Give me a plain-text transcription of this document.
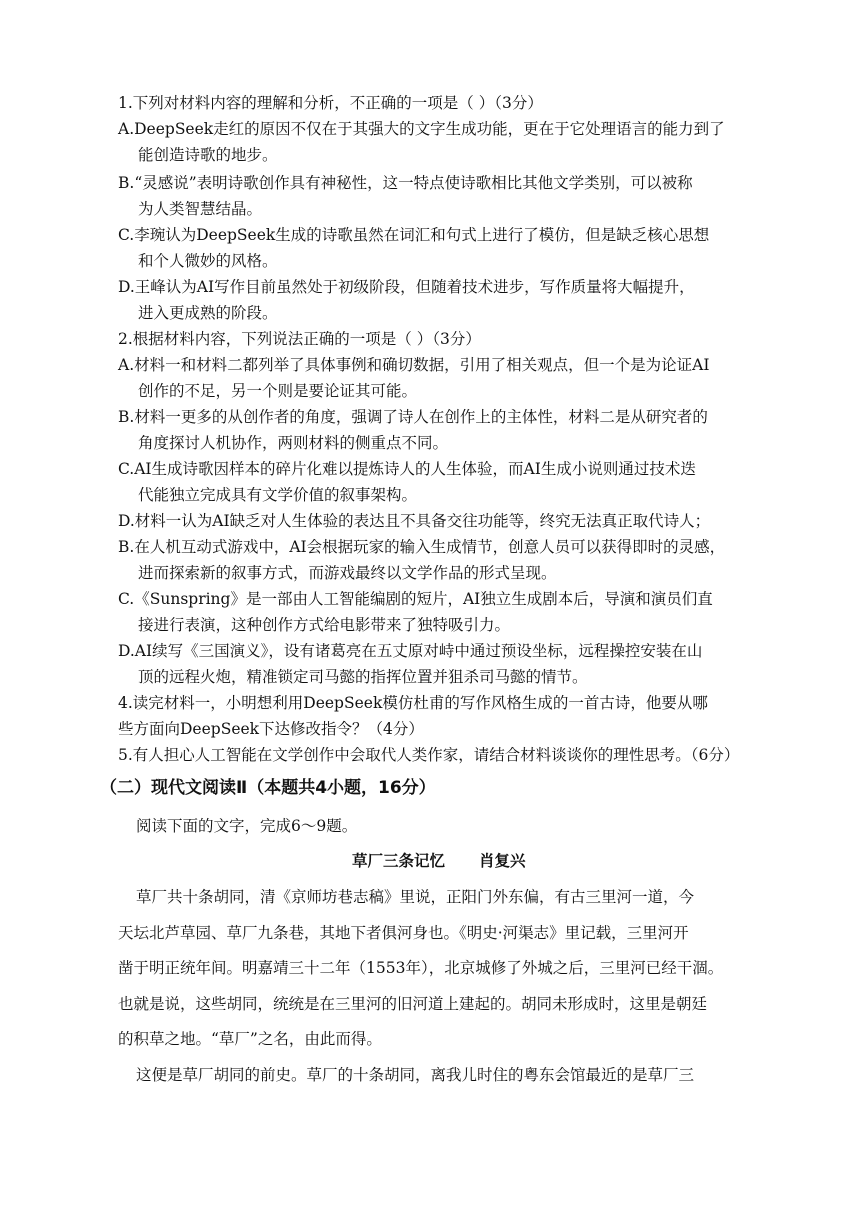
1.下列对材料内容的理解和分析，不正确的一项是（ ）（3分）
A.DeepSeek走红的原因不仅在于其强大的文字生成功能，更在于它处理语言的能力到了
能创造诗歌的地步。
B.“灵感说”表明诗歌创作具有神秘性，这一特点使诗歌相比其他文学类别，可以被称
为人类智慧结晶。
C.李琬认为DeepSeek生成的诗歌虽然在词汇和句式上进行了模仿，但是缺乏核心思想
和个人微妙的风格。
D.王峰认为AI写作目前虽然处于初级阶段，但随着技术进步，写作质量将大幅提升，
进入更成熟的阶段。
2.根据材料内容，下列说法正确的一项是（ ）（3分）
A.材料一和材料二都列举了具体事例和确切数据，引用了相关观点，但一个是为论证AI
创作的不足，另一个则是要论证其可能。
B.材料一更多的从创作者的角度，强调了诗人在创作上的主体性，材料二是从研究者的
角度探讨人机协作，两则材料的侧重点不同。
C.AI生成诗歌因样本的碎片化难以提炼诗人的人生体验，而AI生成小说则通过技术迭
代能独立完成具有文学价值的叙事架构。
D.材料一认为AI缺乏对人生体验的表达且不具备交往功能等，终究无法真正取代诗人；
B.在人机互动式游戏中，AI会根据玩家的输入生成情节，创意人员可以获得即时的灵感，
进而探索新的叙事方式，而游戏最终以文学作品的形式呈现。
C.《Sunspring》是一部由人工智能编剧的短片，AI独立生成剧本后，导演和演员们直
接进行表演，这种创作方式给电影带来了独特吸引力。
D.AI续写《三国演义》，设有诸葛亮在五丈原对峙中通过预设坐标，远程操控安装在山
顶的远程火炮，精准锁定司马懿的指挥位置并狙杀司马懿的情节。
4.读完材料一，小明想利用DeepSeek模仿杜甫的写作风格生成的一首古诗，他要从哪
些方面向DeepSeek下达修改指令？（4分）
5.有人担心人工智能在文学创作中会取代人类作家，请结合材料谈谈你的理性思考。（6分）
（二）现代文阅读Ⅱ（本题共4小题，16分）
阅读下面的文字，完成6～9题。
草厂三条记忆 肖复兴
草厂共十条胡同，清《京师坊巷志稿》里说，正阳门外东偏，有古三里河一道，今
天坛北芦草园、草厂九条巷，其地下者俱河身也。《明史·河渠志》里记载，三里河开
凿于明正统年间。明嘉靖三十二年（1553年），北京城修了外城之后，三里河已经干涸。
也就是说，这些胡同，统统是在三里河的旧河道上建起的。胡同未形成时，这里是朝廷
的积草之地。“草厂”之名，由此而得。
这便是草厂胡同的前史。草厂的十条胡同，离我儿时住的粤东会馆最近的是草厂三
